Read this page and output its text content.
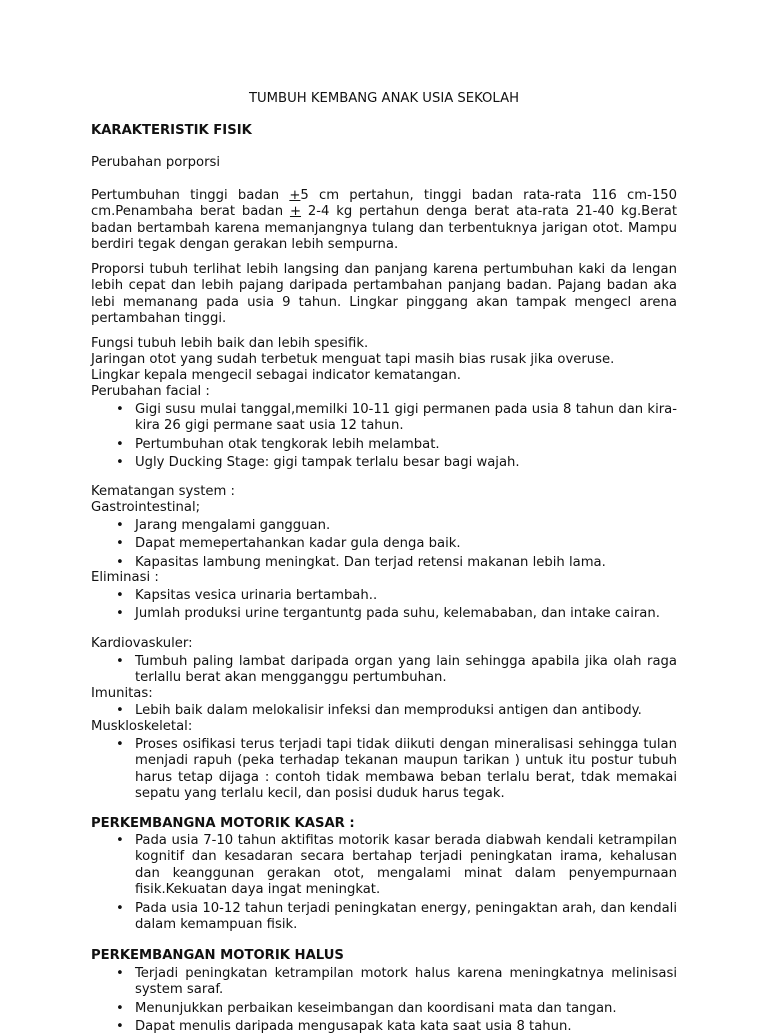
TUMBUH KEMBANG ANAK USIA SEKOLAH
KARAKTERISTIK FISIK
Perubahan porporsi
Pertumbuhan tinggi badan +5 cm pertahun, tinggi badan rata-rata 116 cm-150 cm.Penambaha berat badan + 2-4 kg pertahun denga berat ata-rata 21-40 kg.Berat badan bertambah karena memanjangnya tulang dan terbentuknya jarigan otot. Mampu berdiri tegak dengan gerakan lebih sempurna.
Proporsi tubuh terlihat lebih langsing dan panjang karena pertumbuhan kaki da lengan lebih cepat dan lebih pajang daripada pertambahan panjang badan. Pajang badan aka lebi memanang pada usia 9 tahun. Lingkar pinggang akan tampak mengecl arena pertambahan tinggi.
Fungsi tubuh lebih baik dan lebih spesifik.
Jaringan otot yang sudah terbetuk menguat tapi masih bias rusak jika overuse.
Lingkar kepala mengecil sebagai indicator kematangan.
Perubahan facial :
• Gigi susu mulai tanggal,memilki 10-11 gigi permanen pada usia 8 tahun dan kira-kira 26 gigi permane saat usia 12 tahun.
• Pertumbuhan otak tengkorak lebih melambat.
• Ugly Ducking Stage: gigi tampak terlalu besar bagi wajah.
Kematangan system :
Gastrointestinal;
• Jarang mengalami gangguan.
• Dapat memepertahankan kadar gula denga baik.
• Kapasitas lambung meningkat. Dan terjad retensi makanan lebih lama.
Eliminasi :
• Kapsitas vesica urinaria bertambah..
• Jumlah produksi urine tergantuntg pada suhu, kelemababan, dan intake cairan.
Kardiovaskuler:
• Tumbuh paling lambat daripada organ yang lain sehingga apabila jika olah raga terlallu berat akan mengganggu pertumbuhan.
Imunitas:
• Lebih baik dalam melokalisir infeksi dan memproduksi antigen dan antibody.
Muskloskeletal:
• Proses osifikasi terus terjadi tapi tidak diikuti dengan mineralisasi sehingga tulan menjadi rapuh (peka terhadap tekanan maupun tarikan ) untuk itu postur tubuh harus tetap dijaga : contoh tidak membawa beban terlalu berat, tdak memakai sepatu yang terlalu kecil, dan posisi duduk harus tegak.
PERKEMBANGNA MOTORIK KASAR :
• Pada usia 7-10 tahun aktifitas motorik kasar berada diabwah kendali ketrampilan kognitif dan kesadaran secara bertahap terjadi peningkatan irama, kehalusan dan keanggunan gerakan otot, mengalami minat dalam penyempurnaan fisik.Kekuatan daya ingat meningkat.
• Pada usia 10-12 tahun terjadi peningkatan energy, peningaktan arah, dan kendali dalam kemampuan fisik.
PERKEMBANGAN MOTORIK HALUS
• Terjadi peningkatan ketrampilan motork halus karena meningkatnya melinisasi system saraf.
• Menunjukkan perbaikan keseimbangan dan koordisani mata dan tangan.
• Dapat menulis daripada mengusapak kata kata saat usia 8 tahun.
